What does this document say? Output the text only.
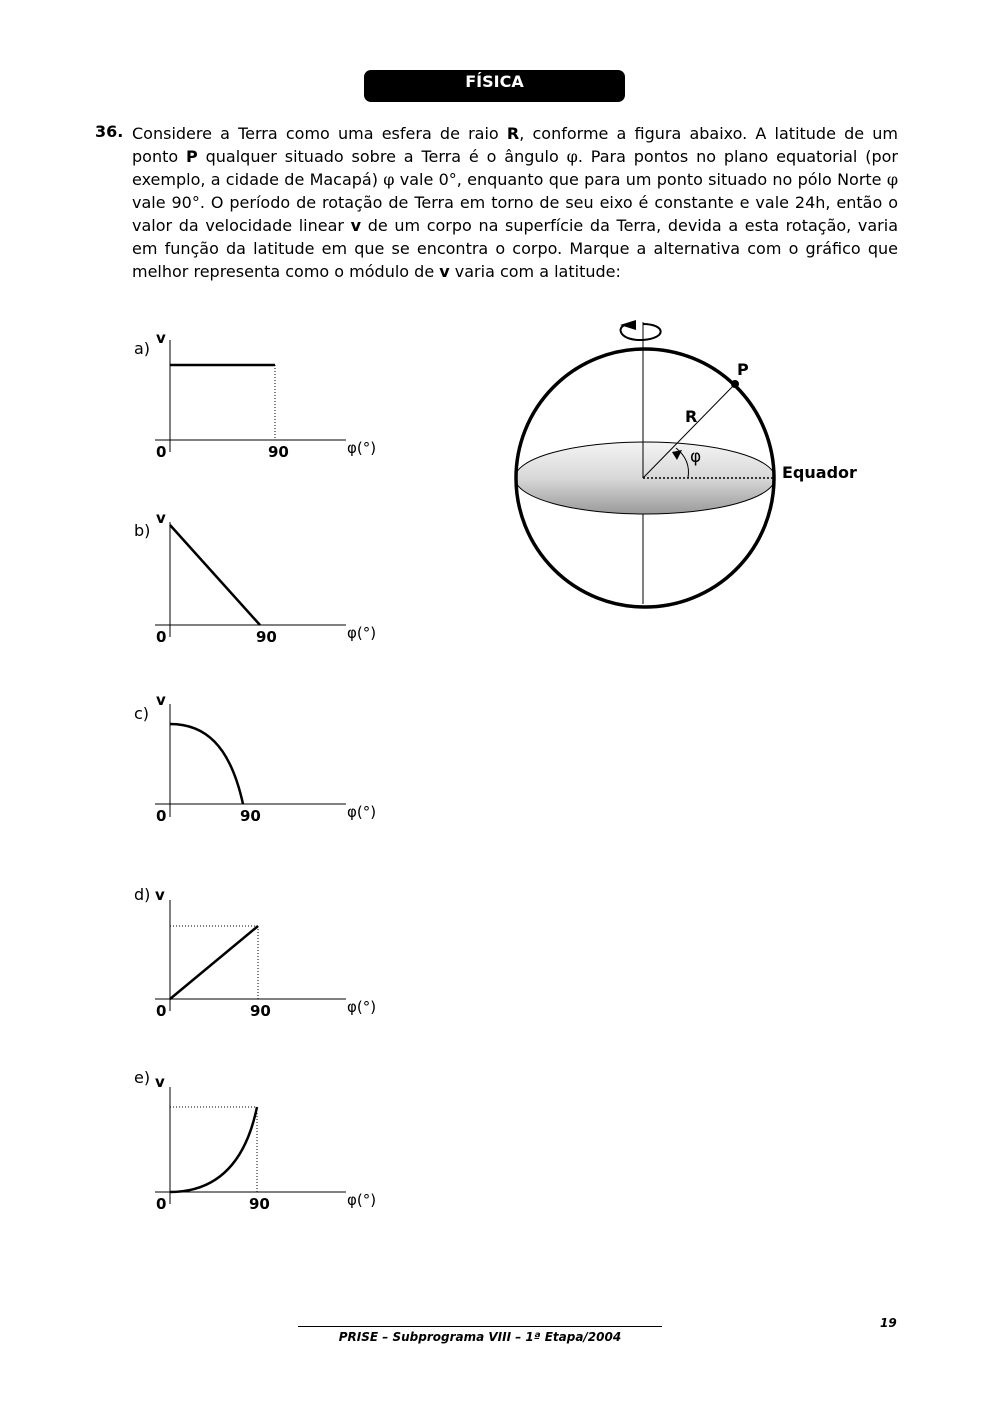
FÍSICA
36. Considere a Terra como uma esfera de raio R, conforme a figura abaixo. A latitude de um ponto P qualquer situado sobre a Terra é o ângulo φ. Para pontos no plano equatorial (por exemplo, a cidade de Macapá) φ vale 0°, enquanto que para um ponto situado no pólo Norte φ vale 90°. O período de rotação de Terra em torno de seu eixo é constante e vale 24h, então o valor da velocidade linear v de um corpo na superfície da Terra, devida a esta rotação, varia em função da latitude em que se encontra o corpo. Marque a alternativa com o gráfico que melhor representa como o módulo de v varia com a latitude:

a)
v
0	90	φ(°)
b)
v
0	90	φ(°)
c)
v
0	90	φ(°)
d) v
0	90	φ(°)
e) v
0	90	φ(°)
P
R
φ
Equador
19
PRISE – Subprograma VIII – 1ª Etapa/2004
